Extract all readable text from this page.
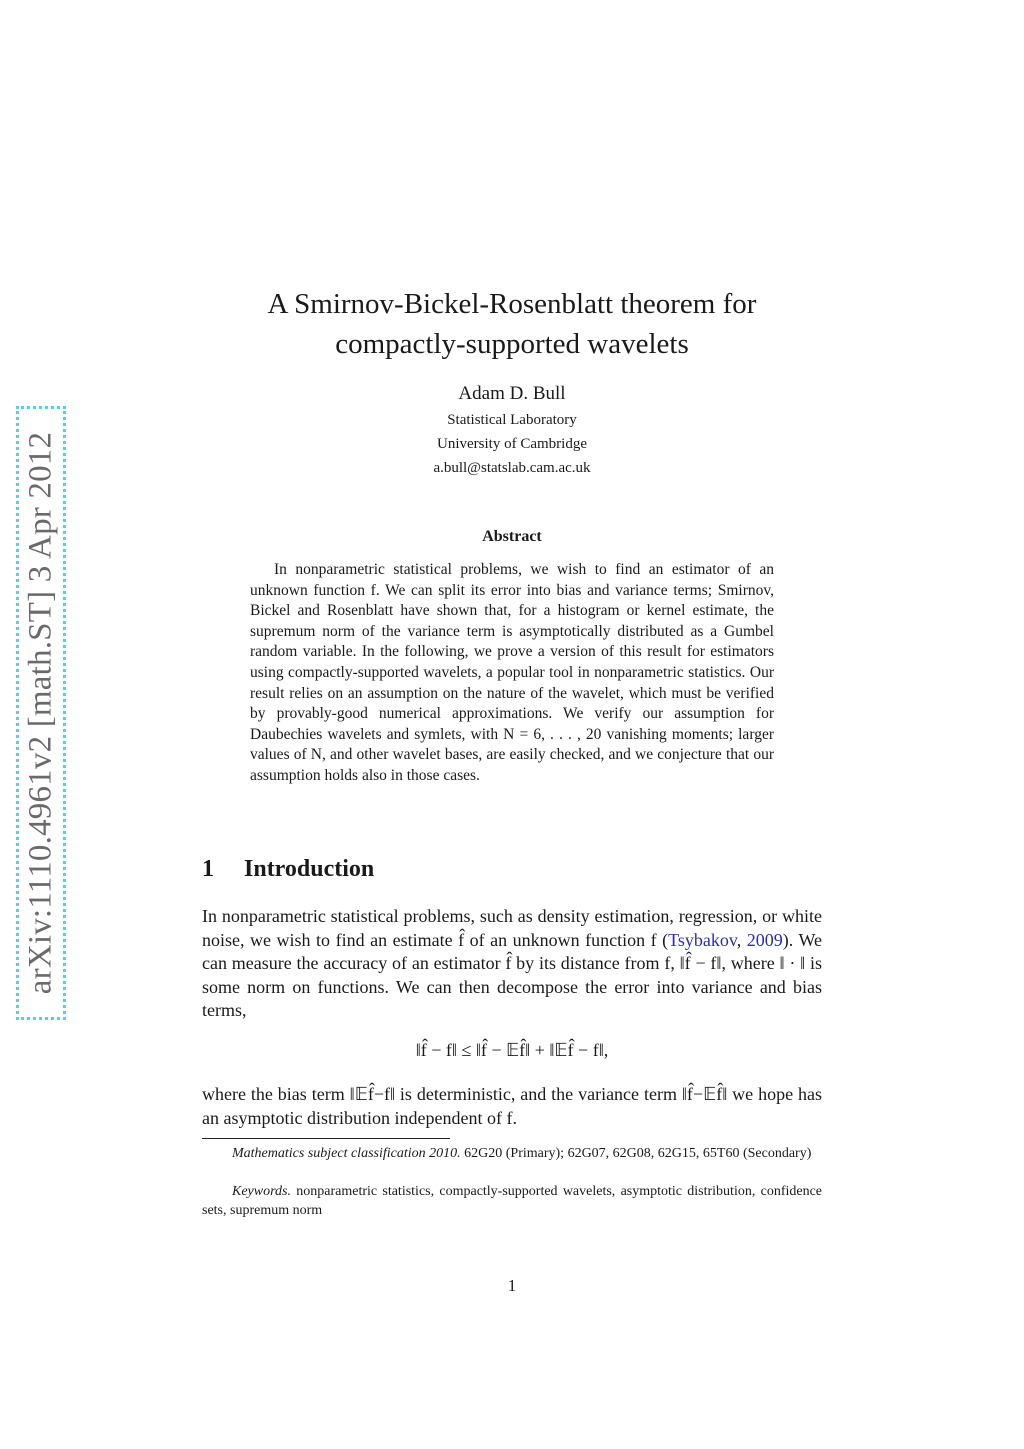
arXiv:1110.4961v2 [math.ST] 3 Apr 2012
A Smirnov-Bickel-Rosenblatt theorem for
compactly-supported wavelets
Adam D. Bull
Statistical Laboratory
University of Cambridge
a.bull@statslab.cam.ac.uk
Abstract

In nonparametric statistical problems, we wish to find an estimator of an unknown function f. We can split its error into bias and variance terms; Smirnov, Bickel and Rosenblatt have shown that, for a histogram or kernel estimate, the supremum norm of the variance term is asymptotically distributed as a Gumbel random variable. In the following, we prove a version of this result for estimators using compactly-supported wavelets, a popular tool in nonparametric statistics. Our result relies on an assumption on the nature of the wavelet, which must be verified by provably-good numerical approximations. We verify our assumption for Daubechies wavelets and symlets, with N = 6, . . . , 20 vanishing moments; larger values of N, and other wavelet bases, are easily checked, and we conjecture that our assumption holds also in those cases.

1 Introduction

In nonparametric statistical problems, such as density estimation, regression, or white noise, we wish to find an estimate f̂ of an unknown function f (Tsybakov, 2009). We can measure the accuracy of an estimator f̂ by its distance from f, ‖f̂ − f‖, where ‖ · ‖ is some norm on functions. We can then decompose the error into variance and bias terms,

‖f̂ − f‖ ≤ ‖f̂ − 𝔼f̂‖ + ‖𝔼f̂ − f‖,

where the bias term ‖𝔼f̂−f‖ is deterministic, and the variance term ‖f̂−𝔼f̂‖ we hope has an asymptotic distribution independent of f.

Mathematics subject classification 2010. 62G20 (Primary); 62G07, 62G08, 62G15, 65T60 (Secondary)

Keywords. nonparametric statistics, compactly-supported wavelets, asymptotic distribution, confidence sets, supremum norm

1
